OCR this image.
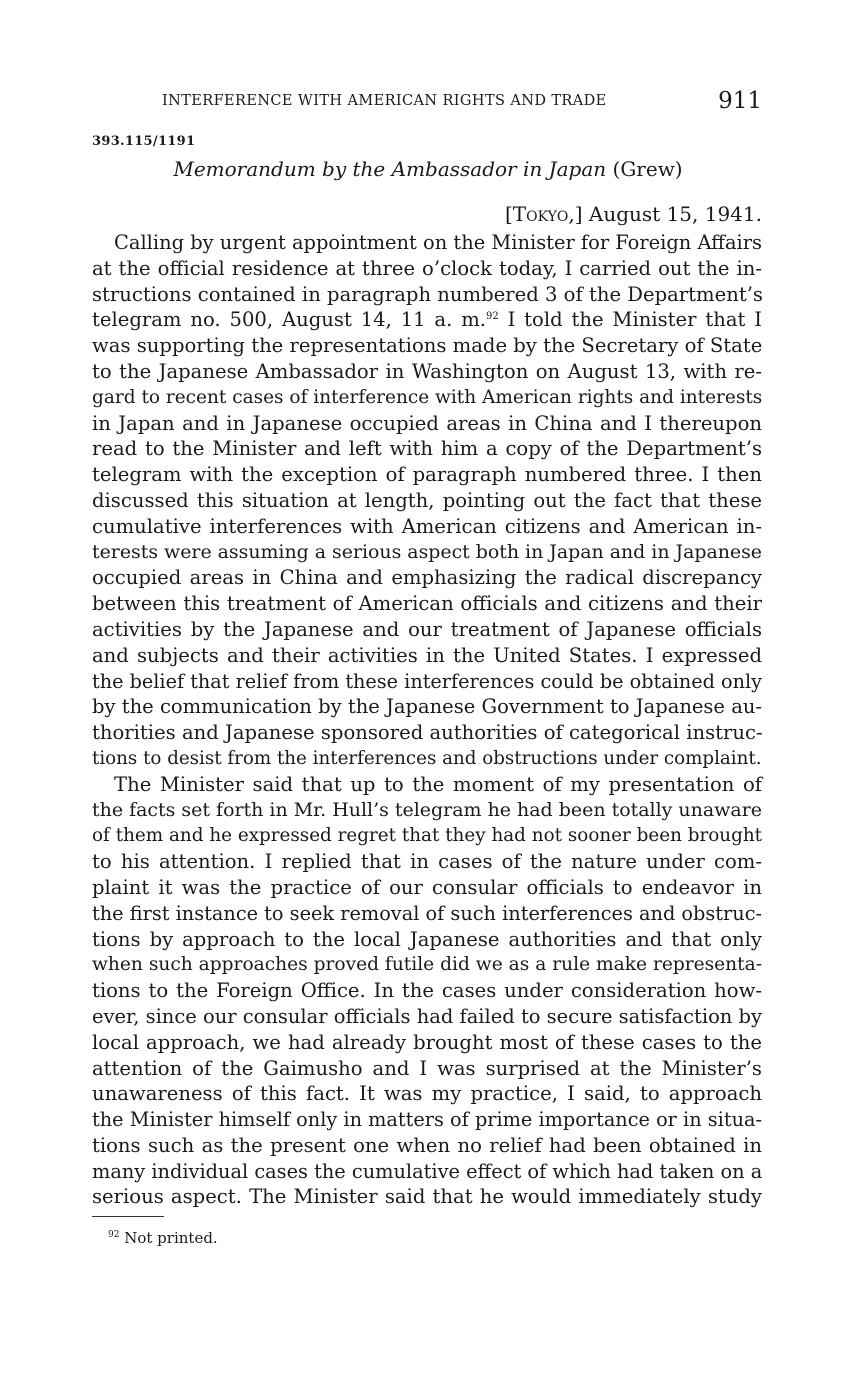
INTERFERENCE WITH AMERICAN RIGHTS AND TRADE	911
393.115/1191
Memorandum by the Ambassador in Japan (Grew)
[Tokyo,] August 15, 1941.
Calling by urgent appointment on the Minister for Foreign Affairs
at the official residence at three o’clock today, I carried out the in-
structions contained in paragraph numbered 3 of the Department’s
telegram no. 500, August 14, 11 a. m.$^{92}$ I told the Minister that I
was supporting the representations made by the Secretary of State
to the Japanese Ambassador in Washington on August 13, with re-
gard to recent cases of interference with American rights and interests
in Japan and in Japanese occupied areas in China and I thereupon
read to the Minister and left with him a copy of the Department’s
telegram with the exception of paragraph numbered three. I then
discussed this situation at length, pointing out the fact that these
cumulative interferences with American citizens and American in-
terests were assuming a serious aspect both in Japan and in Japanese
occupied areas in China and emphasizing the radical discrepancy
between this treatment of American officials and citizens and their
activities by the Japanese and our treatment of Japanese officials
and subjects and their activities in the United States. I expressed
the belief that relief from these interferences could be obtained only
by the communication by the Japanese Government to Japanese au-
thorities and Japanese sponsored authorities of categorical instruc-
tions to desist from the interferences and obstructions under complaint.
The Minister said that up to the moment of my presentation of
the facts set forth in Mr. Hull’s telegram he had been totally unaware
of them and he expressed regret that they had not sooner been brought
to his attention. I replied that in cases of the nature under com-
plaint it was the practice of our consular officials to endeavor in
the first instance to seek removal of such interferences and obstruc-
tions by approach to the local Japanese authorities and that only
when such approaches proved futile did we as a rule make representa-
tions to the Foreign Office. In the cases under consideration how-
ever, since our consular officials had failed to secure satisfaction by
local approach, we had already brought most of these cases to the
attention of the Gaimusho and I was surprised at the Minister’s
unawareness of this fact. It was my practice, I said, to approach
the Minister himself only in matters of prime importance or in situa-
tions such as the present one when no relief had been obtained in
many individual cases the cumulative effect of which had taken on a
serious aspect. The Minister said that he would immediately study
$^{92}$ Not printed.
